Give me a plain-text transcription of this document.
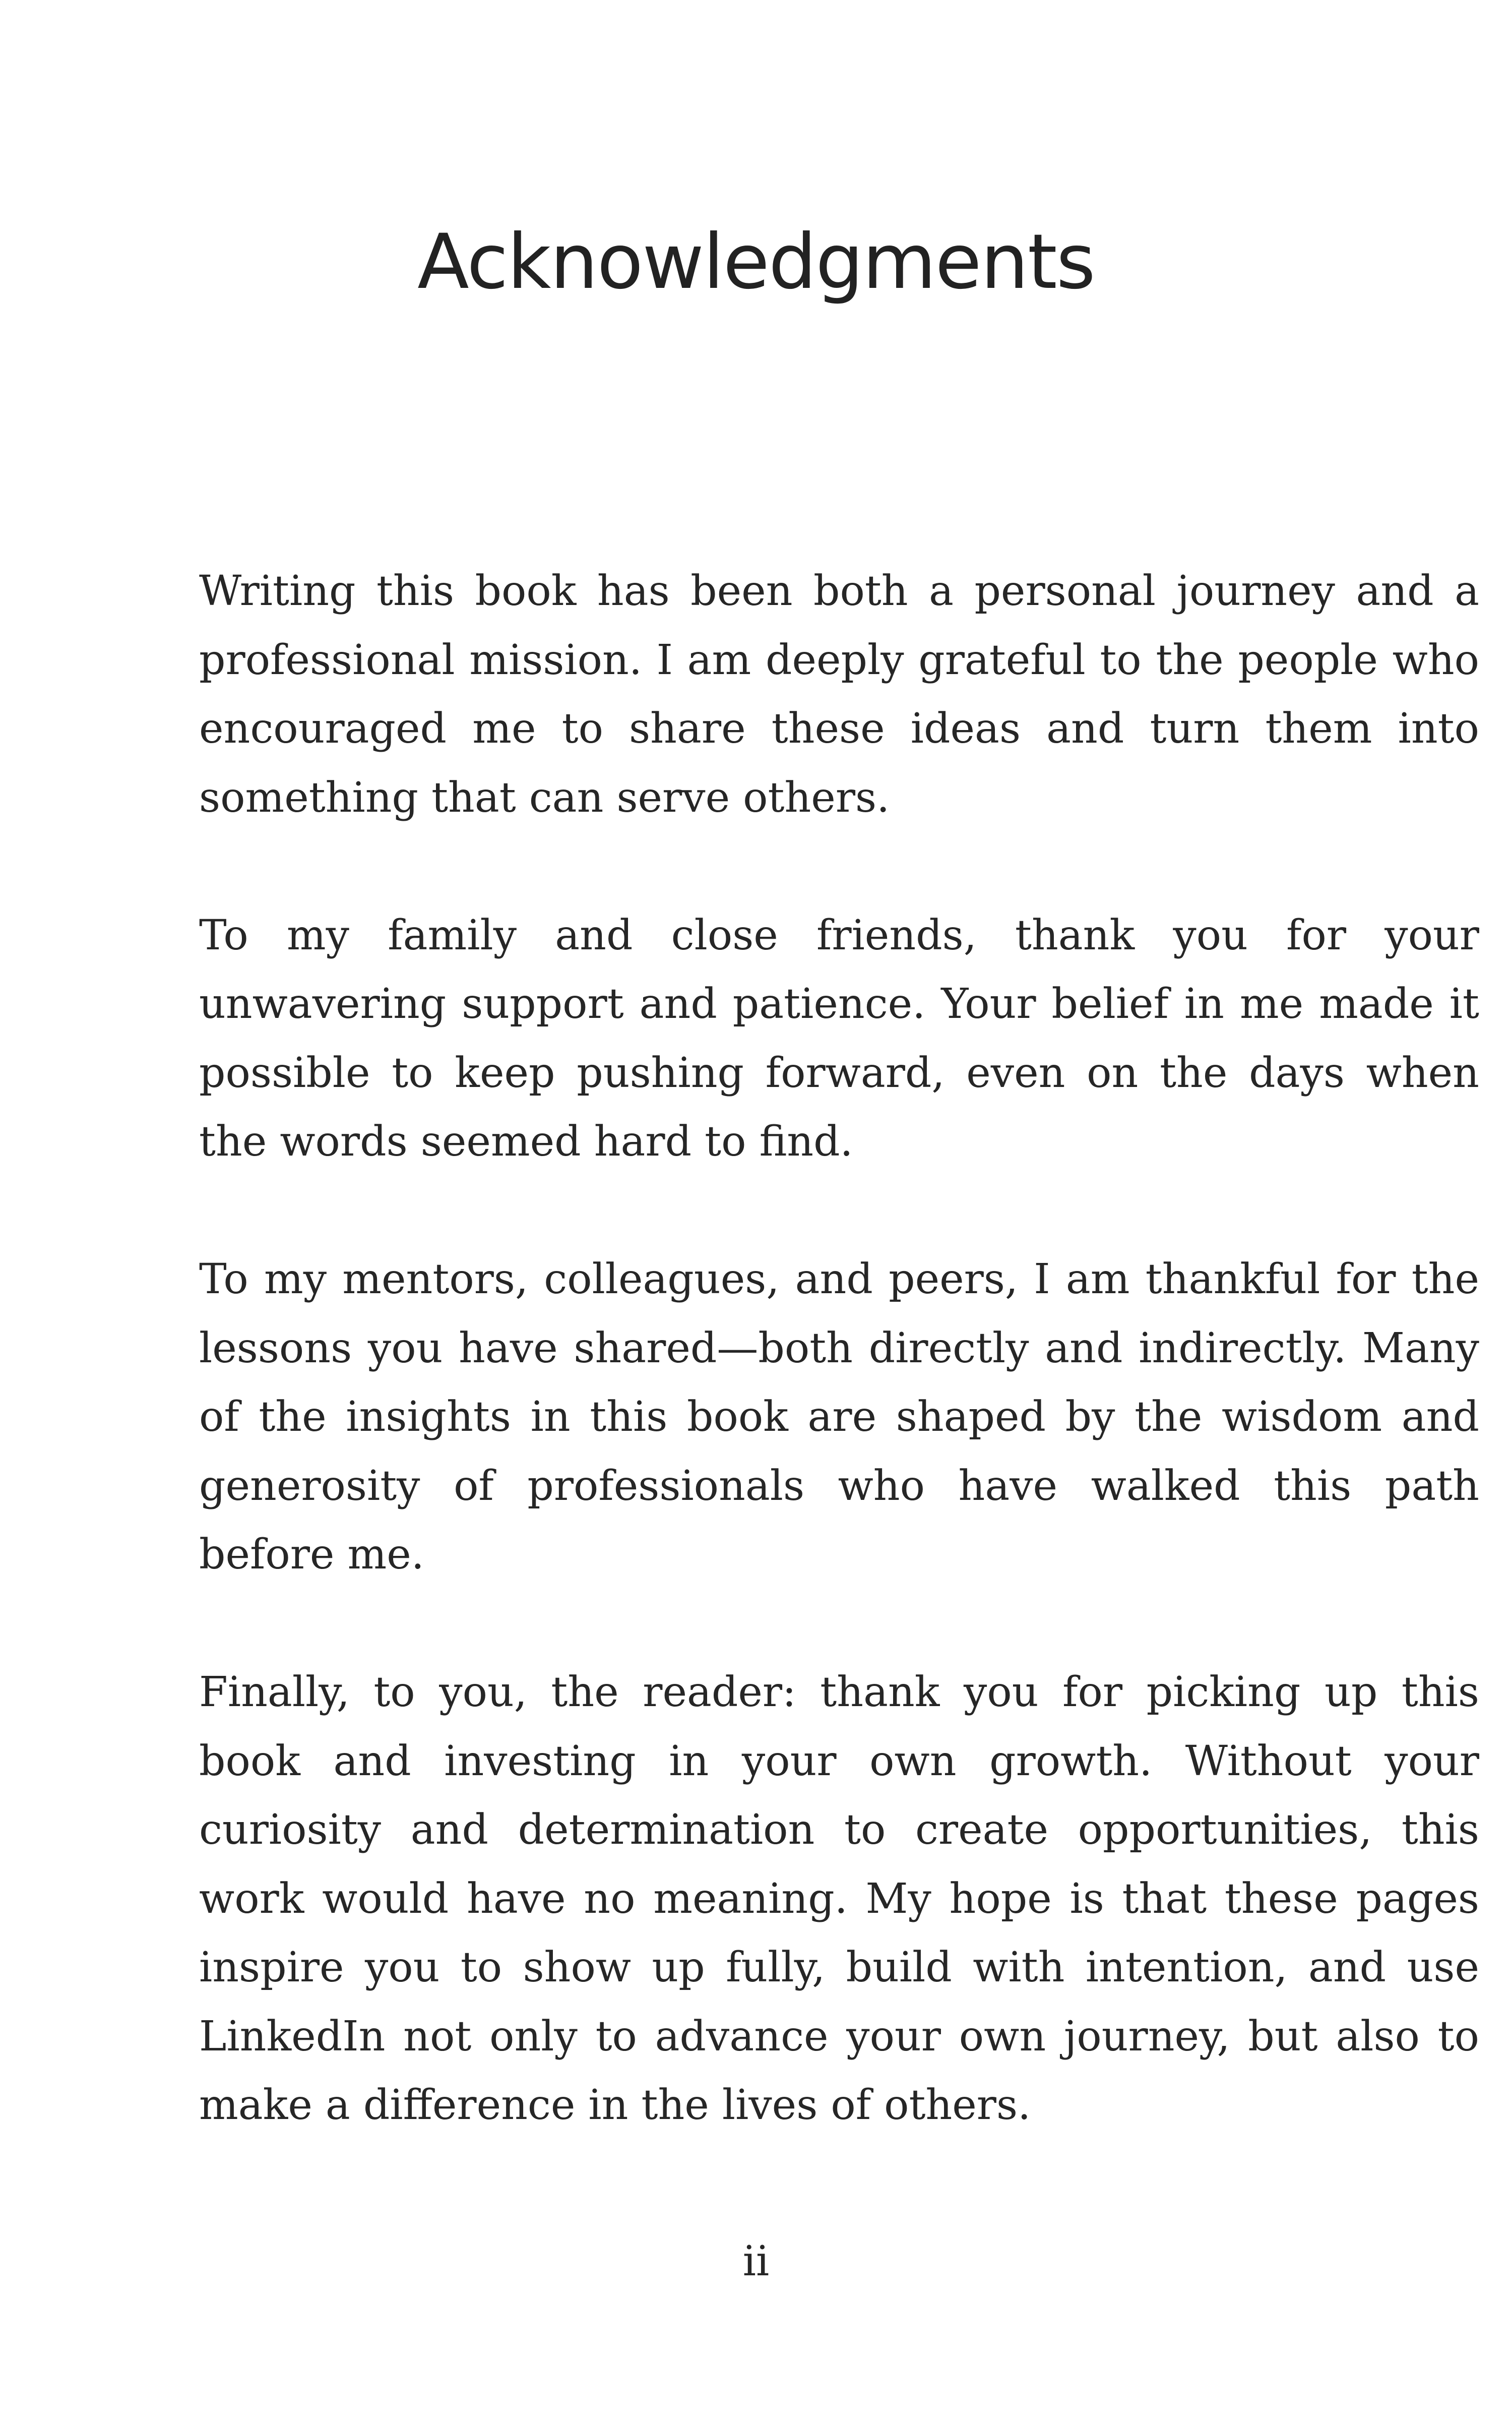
Acknowledgments

Writing this book has been both a personal journey and a professional mission. I am deeply grateful to the people who encouraged me to share these ideas and turn them into something that can serve others.

To my family and close friends, thank you for your unwavering support and patience. Your belief in me made it possible to keep pushing forward, even on the days when the words seemed hard to find.

To my mentors, colleagues, and peers, I am thankful for the lessons you have shared—both directly and indirectly. Many of the insights in this book are shaped by the wisdom and generosity of professionals who have walked this path before me.

Finally, to you, the reader: thank you for picking up this book and investing in your own growth. Without your curiosity and determination to create opportunities, this work would have no meaning. My hope is that these pages inspire you to show up fully, build with intention, and use LinkedIn not only to advance your own journey, but also to make a difference in the lives of others.

ii
